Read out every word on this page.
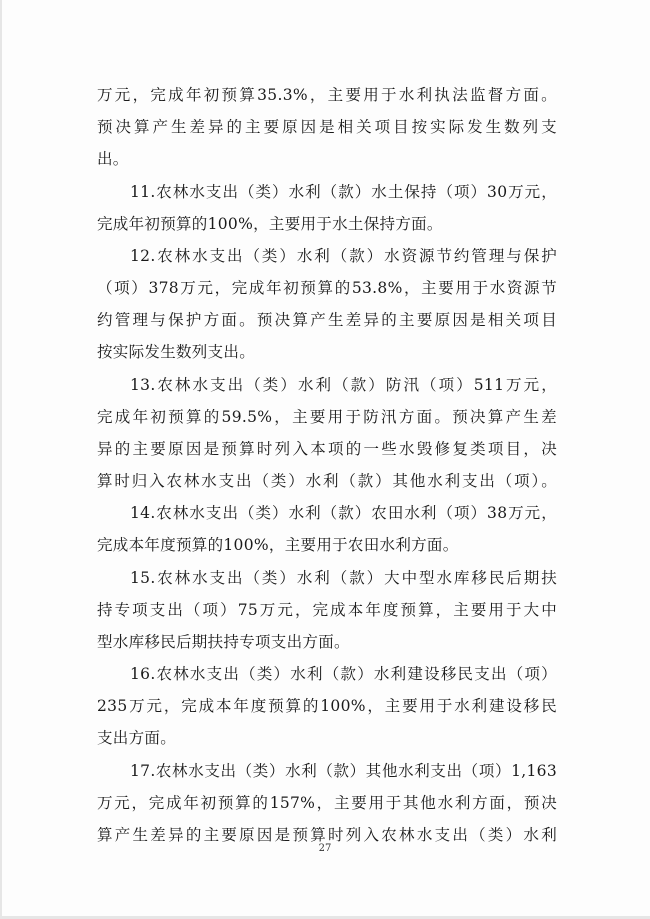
万元，完成年初预算35.3%，主要用于水利执法监督方面。
预决算产生差异的主要原因是相关项目按实际发生数列支
出。
11.农林水支出（类）水利（款）水土保持（项）30万元，
完成年初预算的100%，主要用于水土保持方面。
12.农林水支出（类）水利（款）水资源节约管理与保护
（项）378万元，完成年初预算的53.8%，主要用于水资源节
约管理与保护方面。预决算产生差异的主要原因是相关项目
按实际发生数列支出。
13.农林水支出（类）水利（款）防汛（项）511万元，
完成年初预算的59.5%，主要用于防汛方面。预决算产生差
异的主要原因是预算时列入本项的一些水毁修复类项目，决
算时归入农林水支出（类）水利（款）其他水利支出（项）。
14.农林水支出（类）水利（款）农田水利（项）38万元，
完成本年度预算的100%，主要用于农田水利方面。
15.农林水支出（类）水利（款）大中型水库移民后期扶
持专项支出（项）75万元，完成本年度预算，主要用于大中
型水库移民后期扶持专项支出方面。
16.农林水支出（类）水利（款）水利建设移民支出（项）
235万元，完成本年度预算的100%，主要用于水利建设移民
支出方面。
17.农林水支出（类）水利（款）其他水利支出（项）1,163
万元，完成年初预算的157%，主要用于其他水利方面，预决
算产生差异的主要原因是预算时列入农林水支出（类）水利
27
